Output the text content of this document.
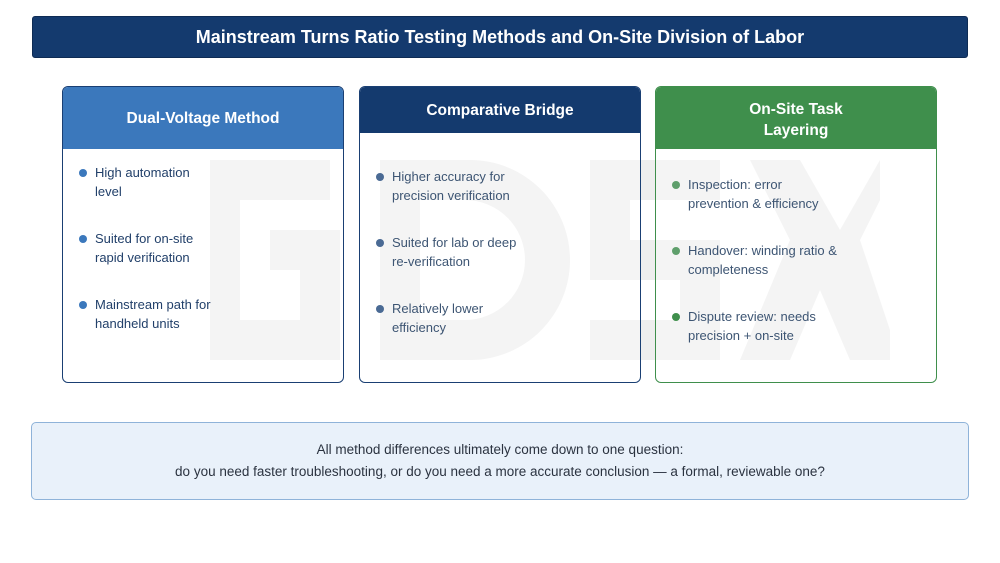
Mainstream Turns Ratio Testing Methods and On-Site Division of Labor
Dual-Voltage Method
High automation level
Suited for on-site rapid verification
Mainstream path for handheld units
Comparative Bridge
Higher accuracy for precision verification
Suited for lab or deep re-verification
Relatively lower efficiency
On-Site Task Layering
Inspection: error prevention & efficiency
Handover: winding ratio & completeness
Dispute review: needs precision + on-site
All method differences ultimately come down to one question:
do you need faster troubleshooting, or do you need a more accurate conclusion — a formal, reviewable one?
